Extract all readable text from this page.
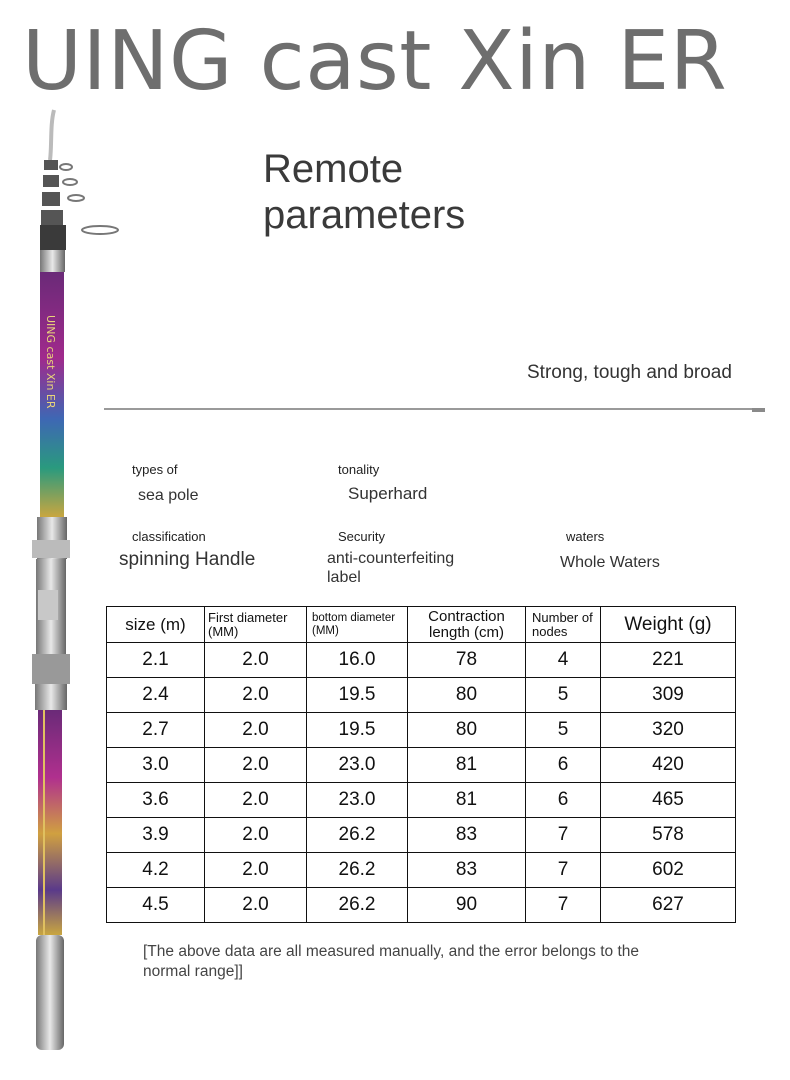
UING cast Xin ER
Remote parameters
UING cast Xin ER	Strong, tough and broad
types of
sea pole
tonality
Superhard
classification
spinning Handle
Security
anti-counterfeiting label
waters
Whole Waters
size (m)	First diameter (MM)	bottom diameter (MM)	Contraction length (cm)	Number of nodes	Weight (g)
2.1	2.0	16.0	78	4	221
2.4	2.0	19.5	80	5	309
2.7	2.0	19.5	80	5	320
3.0	2.0	23.0	81	6	420
3.6	2.0	23.0	81	6	465
3.9	2.0	26.2	83	7	578
4.2	2.0	26.2	83	7	602
4.5	2.0	26.2	90	7	627
[The above data are all measured manually, and the error belongs to the normal range]]
